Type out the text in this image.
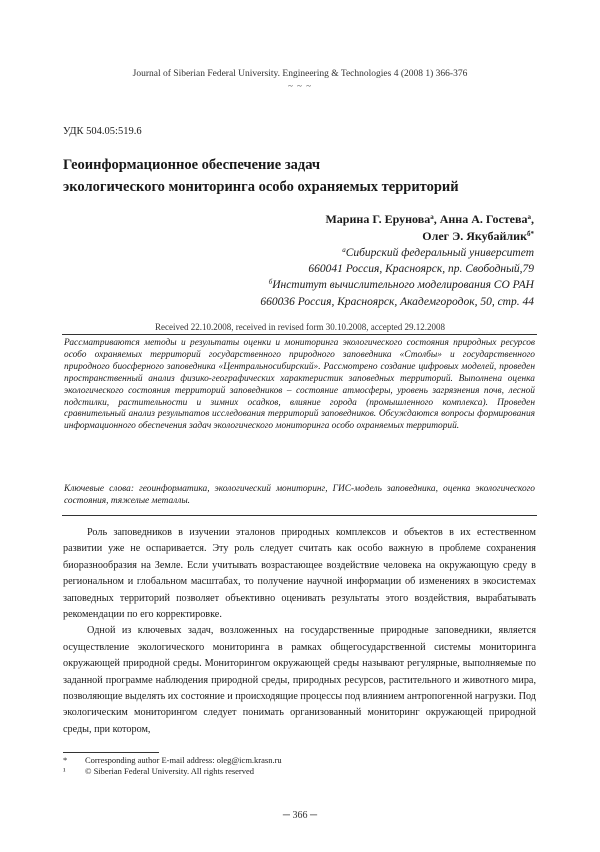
Journal of Siberian Federal University. Engineering & Technologies 4 (2008 1) 366-376
~ ~ ~
УДК 504.05:519.6
Геоинформационное обеспечение задач
экологического мониторинга особо охраняемых территорий
Марина Г. Ерунова$^а$, Анна А. Гостева$^а$,
Олег Э. Якубайлик$^{б*}$
$^а$Сибирский федеральный университет
660041 Россия, Красноярск, пр. Свободный,79
$^б$Институт вычислительного моделирования СО РАН
660036 Россия, Красноярск, Академгородок, 50, стр. 44
Received 22.10.2008, received in revised form 30.10.2008, accepted 29.12.2008
Рассматриваются методы и результаты оценки и мониторинга экологического состояния природных ресурсов особо охраняемых территорий государственного природного заповедника «Столбы» и государственного природного биосферного заповедника «Центральносибирский». Рассмотрено создание цифровых моделей, проведен пространственный анализ физико-географических характеристик заповедных территорий. Выполнена оценка экологического состояния территорий заповедников – состояние атмосферы, уровень загрязнения почв, лесной подстилки, растительности и зимних осадков, влияние города (промышленного комплекса). Проведен сравнительный анализ результатов исследования территорий заповедников. Обсуждаются вопросы формирования информационного обеспечения задач экологического мониторинга особо охраняемых территорий.
Ключевые слова: геоинформатика, экологический мониторинг, ГИС-модель заповедника, оценка экологического состояния, тяжелые металлы.

Роль заповедников в изучении эталонов природных комплексов и объектов в их естественном развитии уже не оспаривается. Эту роль следует считать как особо важную в проблеме сохранения биоразнообразия на Земле. Если учитывать возрастающее воздействие человека на окружающую среду в региональном и глобальном масштабах, то получение научной информации об изменениях в экосистемах заповедных территорий позволяет объективно оценивать результаты этого воздействия, вырабатывать рекомендации по его корректировке.

Одной из ключевых задач, возложенных на государственные природные заповедники, является осуществление экологического мониторинга в рамках общегосударственной системы мониторинга окружающей природной среды. Мониторингом окружающей среды называют регулярные, выполняемые по заданной программе наблюдения природной среды, природных ресурсов, растительного и животного мира, позволяющие выделять их состояние и происходящие процессы под влиянием антропогенной нагрузки. Под экологическим мониторингом следует понимать организованный мониторинг окружающей природной среды, при котором,

* Corresponding author E-mail address: oleg@icm.krasn.ru
¹ © Siberian Federal University. All rights reserved
─ 366 ─
